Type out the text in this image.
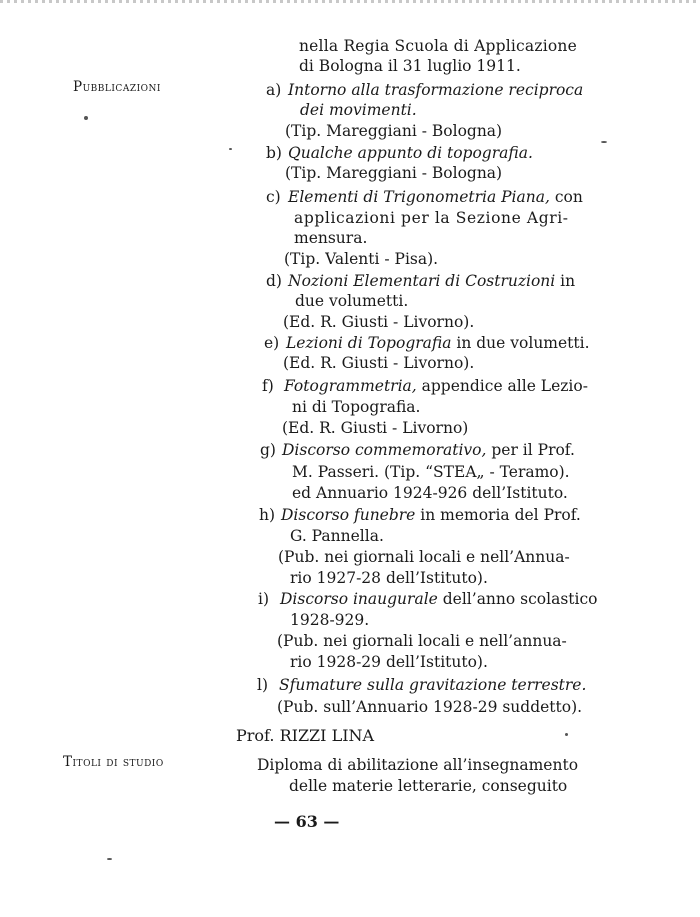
nella Regia Scuola di Applicazione
di Bologna il 31 luglio 1911.
Pubblicazioni	a) Intorno alla trasformazione reciproca
dei movimenti.
(Tip. Mareggiani - Bologna)
b) Qualche appunto di topografia.
(Tip. Mareggiani - Bologna)
c) Elementi di Trigonometria Piana, con
applicazioni per la Sezione Agri-
mensura.
(Tip. Valenti - Pisa).
d) Nozioni Elementari di Costruzioni in
due volumetti.
(Ed. R. Giusti - Livorno).
e) Lezioni di Topografia in due volumetti.
(Ed. R. Giusti - Livorno).
f) Fotogrammetria, appendice alle Lezio-
ni di Topografia.
(Ed. R. Giusti - Livorno)
g) Discorso commemorativo, per il Prof.
M. Passeri. (Tip. “STEA„ - Teramo).
ed Annuario 1924-926 dell’Istituto.
h) Discorso funebre in memoria del Prof.
G. Pannella.
(Pub. nei giornali locali e nell’Annua-
rio 1927-28 dell’Istituto).
i) Discorso inaugurale dell’anno scolastico
1928-929.
(Pub. nei giornali locali e nell’annua-
rio 1928-29 dell’Istituto).
l) Sfumature sulla gravitazione terrestre.
(Pub. sull’Annuario 1928-29 suddetto).
Prof. RIZZI LINA
Titoli di studio	Diploma di abilitazione all’insegnamento
delle materie letterarie, conseguito
— 63 —
